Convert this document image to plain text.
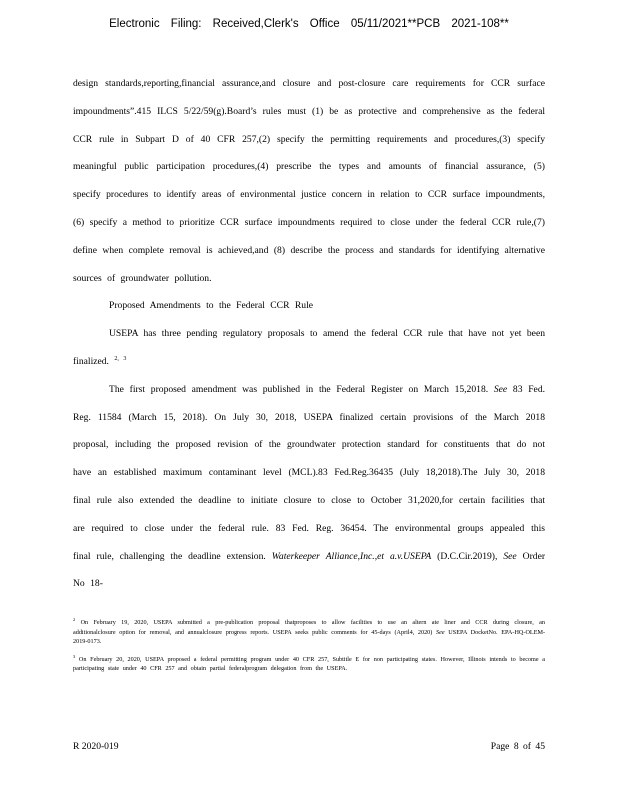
Electronic Filing: Received,Clerk's Office 05/11/2021**PCB 2021-108**

design standards,reporting,financial assurance,and closure and post-closure care requirements for CCR surface impoundments”.415 ILCS 5/22/59(g).Board’s rules must (1) be as protective and comprehensive as the federal CCR rule in Subpart D of 40 CFR 257,(2) specify the permitting requirements and procedures,(3) specify meaningful public participation procedures,(4) prescribe the types and amounts of financial assurance, (5) specify procedures to identify areas of environmental justice concern in relation to CCR surface impoundments,(6) specify a method to prioritize CCR surface impoundments required to close under the federal CCR rule,(7) define when complete removal is achieved,and (8) describe the process and standards for identifying alternative sources of groundwater pollution.

Proposed Amendments to the Federal CCR Rule

USEPA has three pending regulatory proposals to amend the federal CCR rule that have not yet been finalized. $^{2, 3}$

The first proposed amendment was published in the Federal Register on March 15,2018. See 83 Fed. Reg. 11584 (March 15, 2018). On July 30, 2018, USEPA finalized certain provisions of the March 2018 proposal, including the proposed revision of the groundwater protection standard for constituents that do not have an established maximum contaminant level (MCL).83 Fed.Reg.36435 (July 18,2018).The July 30, 2018 final rule also extended the deadline to initiate closure to close to October 31,2020,for certain facilities that are required to close under the federal rule. 83 Fed. Reg. 36454. The environmental groups appealed this final rule, challenging the deadline extension. Waterkeeper Alliance,Inc.,et a.v.USEPA (D.C.Cir.2019), See Order No 18-

$^2$ On February 19, 2020, USEPA submitted a pre-publication proposal thatproposes to allow facilities to use an altern ate liner and CCR during closure, an additionalclosure option for removal, and annualclosure progress reports. USEPA seeks public comments for 45-days (April4, 2020) See USEPA DocketNo. EPA-HQ-OLEM-2019-0173.

$^3$ On February 20, 2020, USEPA proposed a federal permitting program under 40 CFR 257, Subtitle E for non participating states. However, Illinois intends to become a participating state under 40 CFR 257 and obtain partial federalprogram delegation from the USEPA.

R 2020-019	Page 8 of 45
